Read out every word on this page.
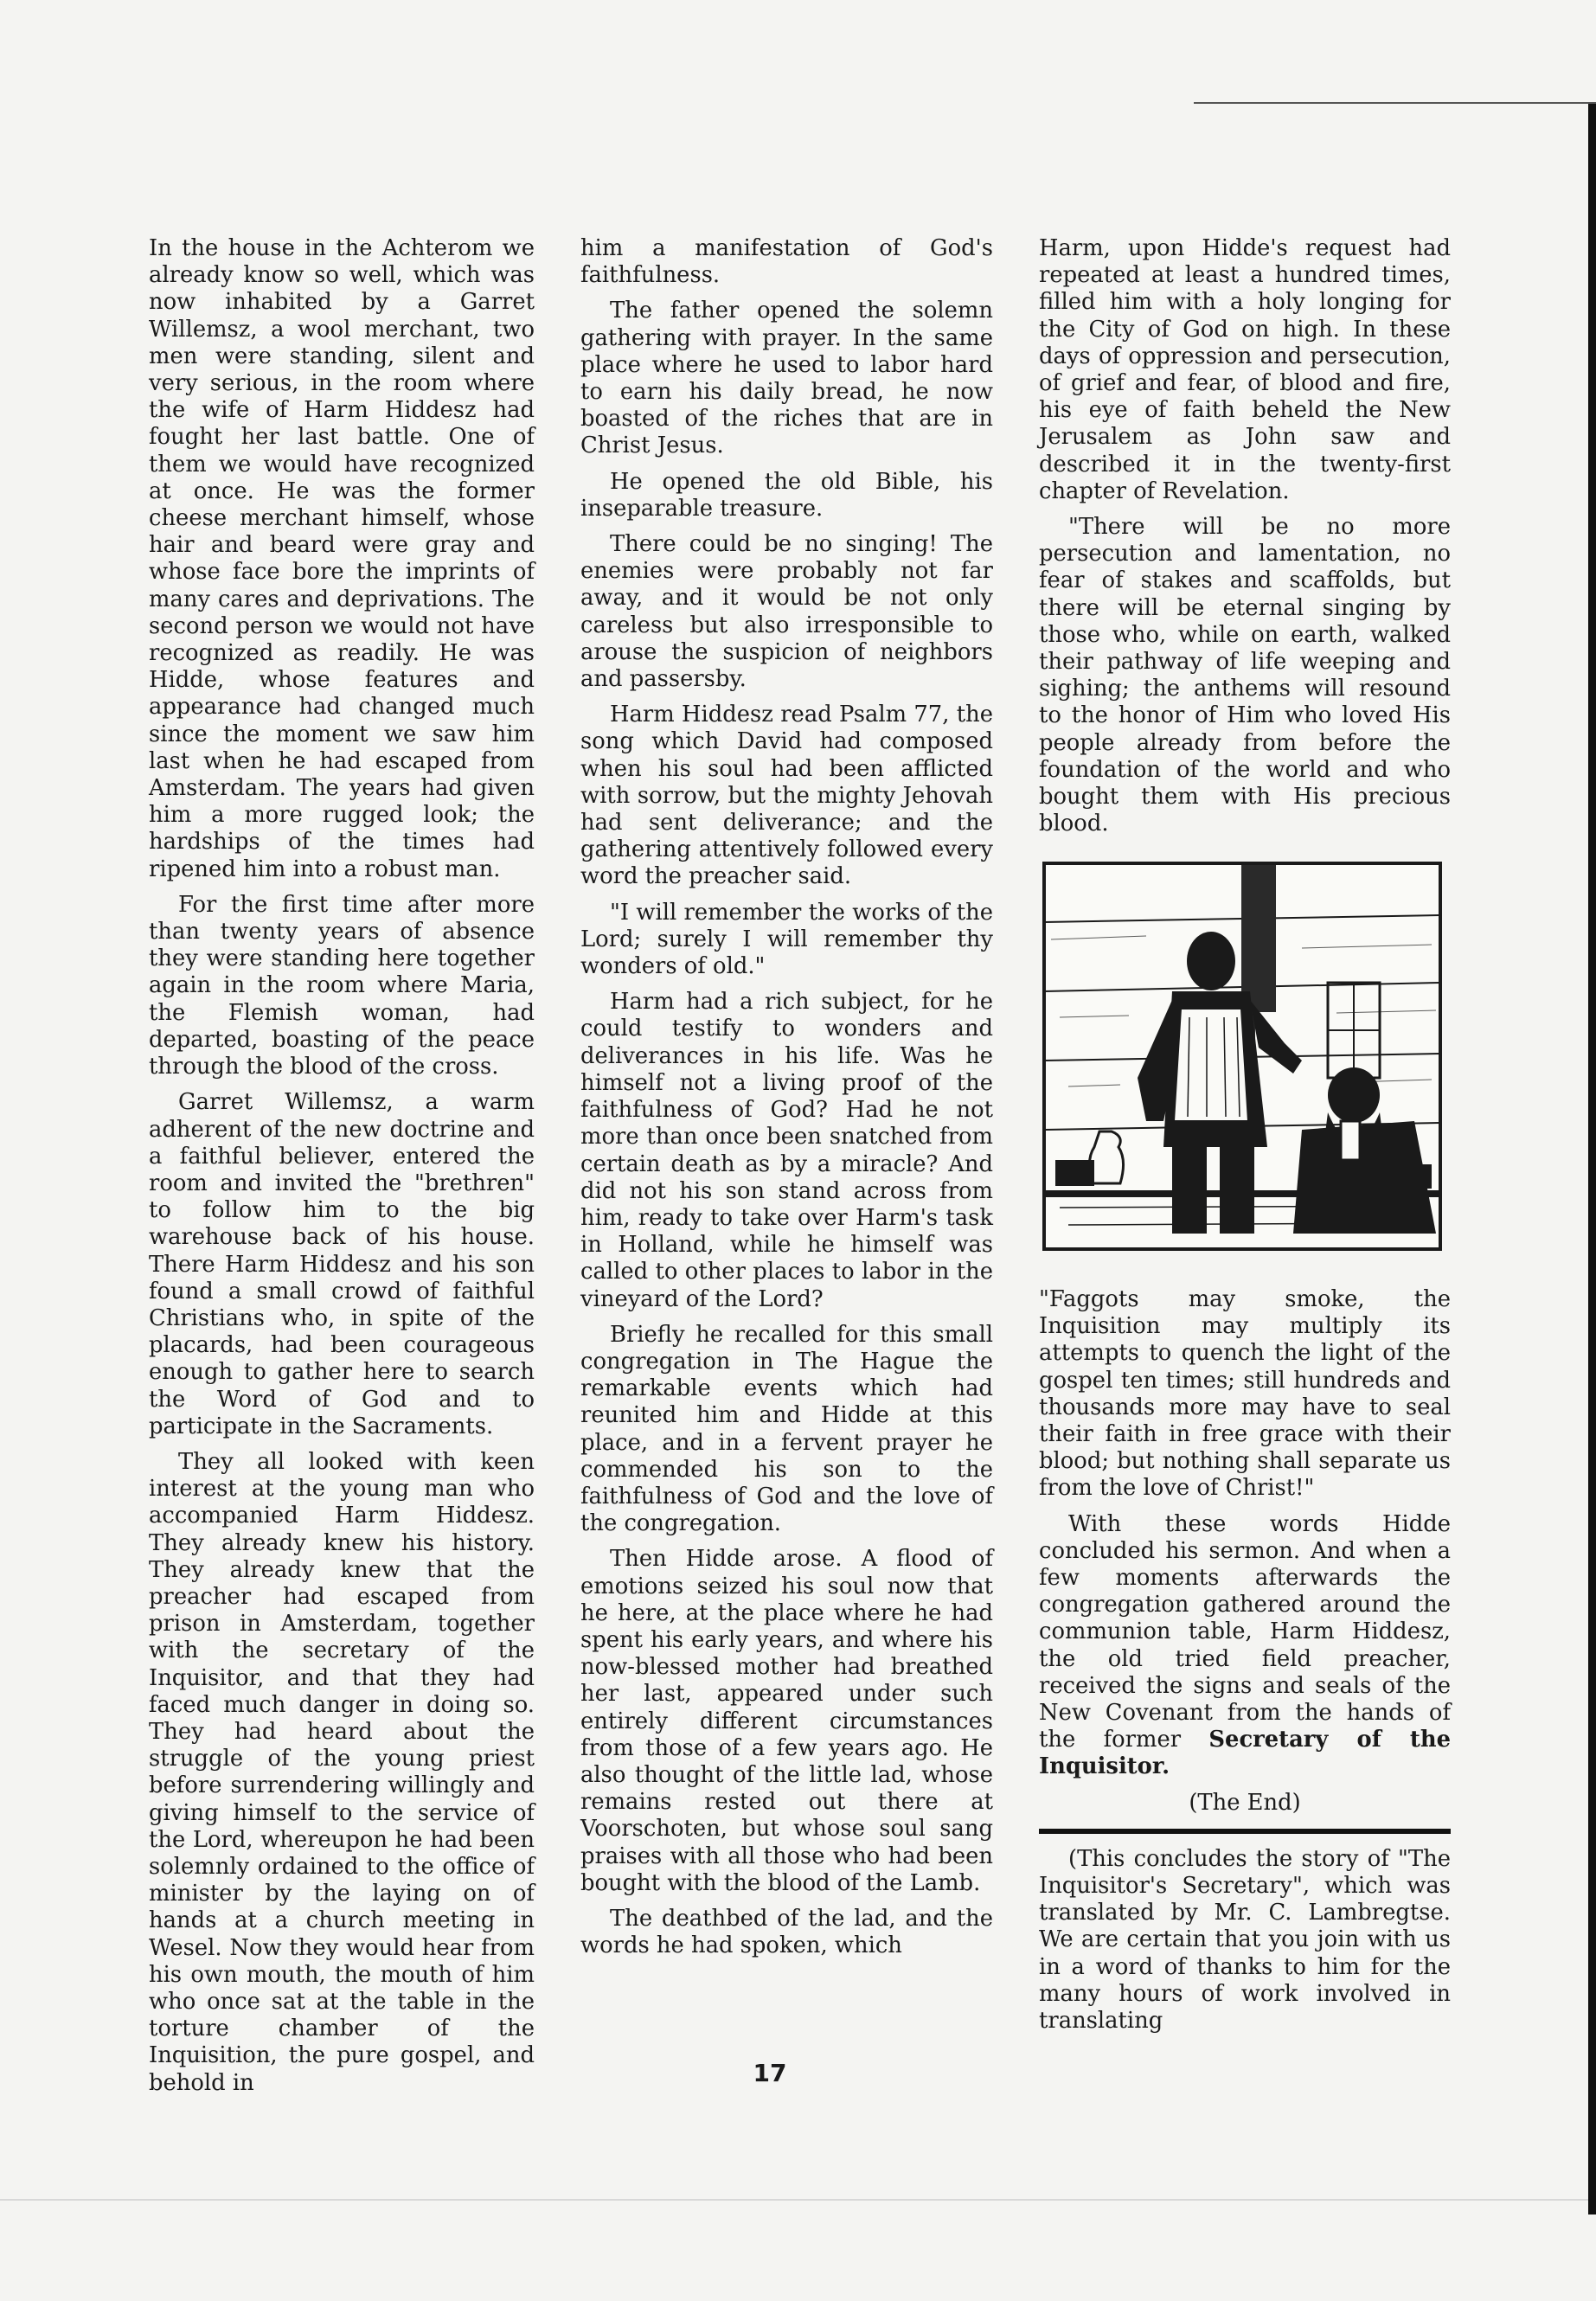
In the house in the Achterom we already know so well, which was now inhabited by a Garret Willemsz, a wool merchant, two men were standing, silent and very serious, in the room where the wife of Harm Hiddesz had fought her last battle. One of them we would have recognized at once. He was the former cheese merchant himself, whose hair and beard were gray and whose face bore the imprints of many cares and deprivations. The second person we would not have recognized as readily. He was Hidde, whose features and appearance had changed much since the moment we saw him last when he had escaped from Amsterdam. The years had given him a more rugged look; the hardships of the times had ripened him into a robust man.

For the first time after more than twenty years of absence they were standing here together again in the room where Maria, the Flemish woman, had departed, boasting of the peace through the blood of the cross.

Garret Willemsz, a warm adherent of the new doctrine and a faithful believer, entered the room and invited the "brethren" to follow him to the big warehouse back of his house. There Harm Hiddesz and his son found a small crowd of faithful Christians who, in spite of the placards, had been courageous enough to gather here to search the Word of God and to participate in the Sacraments.

They all looked with keen interest at the young man who accompanied Harm Hiddesz. They already knew his history. They already knew that the preacher had escaped from prison in Amsterdam, together with the secretary of the Inquisitor, and that they had faced much danger in doing so. They had heard about the struggle of the young priest before surrendering willingly and giving himself to the service of the Lord, whereupon he had been solemnly ordained to the office of minister by the laying on of hands at a church meeting in Wesel. Now they would hear from his own mouth, the mouth of him who once sat at the table in the torture chamber of the Inquisition, the pure gospel, and behold in

him a manifestation of God's faithfulness.

The father opened the solemn gathering with prayer. In the same place where he used to labor hard to earn his daily bread, he now boasted of the riches that are in Christ Jesus.

He opened the old Bible, his inseparable treasure.

There could be no singing! The enemies were probably not far away, and it would be not only careless but also irresponsible to arouse the suspicion of neighbors and passersby.

Harm Hiddesz read Psalm 77, the song which David had composed when his soul had been afflicted with sorrow, but the mighty Jehovah had sent deliverance; and the gathering attentively followed every word the preacher said.

"I will remember the works of the Lord; surely I will remember thy wonders of old."

Harm had a rich subject, for he could testify to wonders and deliverances in his life. Was he himself not a living proof of the faithfulness of God? Had he not more than once been snatched from certain death as by a miracle? And did not his son stand across from him, ready to take over Harm's task in Holland, while he himself was called to other places to labor in the vineyard of the Lord?

Briefly he recalled for this small congregation in The Hague the remarkable events which had reunited him and Hidde at this place, and in a fervent prayer he commended his son to the faithfulness of God and the love of the congregation.

Then Hidde arose. A flood of emotions seized his soul now that he here, at the place where he had spent his early years, and where his now-blessed mother had breathed her last, appeared under such entirely different circumstances from those of a few years ago. He also thought of the little lad, whose remains rested out there at Voorschoten, but whose soul sang praises with all those who had been bought with the blood of the Lamb.

The deathbed of the lad, and the words he had spoken, which

Harm, upon Hidde's request had repeated at least a hundred times, filled him with a holy longing for the City of God on high. In these days of oppression and persecution, of grief and fear, of blood and fire, his eye of faith beheld the New Jerusalem as John saw and described it in the twenty-first chapter of Revelation.

"There will be no more persecution and lamentation, no fear of stakes and scaffolds, but there will be eternal singing by those who, while on earth, walked their pathway of life weeping and sighing; the anthems will resound to the honor of Him who loved His people already from before the foundation of the world and who bought them with His precious blood.

"Faggots may smoke, the Inquisition may multiply its attempts to quench the light of the gospel ten times; still hundreds and thousands more may have to seal their faith in free grace with their blood; but nothing shall separate us from the love of Christ!"

With these words Hidde concluded his sermon. And when a few moments afterwards the congregation gathered around the communion table, Harm Hiddesz, the old tried field preacher, received the signs and seals of the New Covenant from the hands of the former Secretary of the Inquisitor.

(The End)

(This concludes the story of "The Inquisitor's Secretary", which was translated by Mr. C. Lambregtse. We are certain that you join with us in a word of thanks to him for the many hours of work involved in translating

17
